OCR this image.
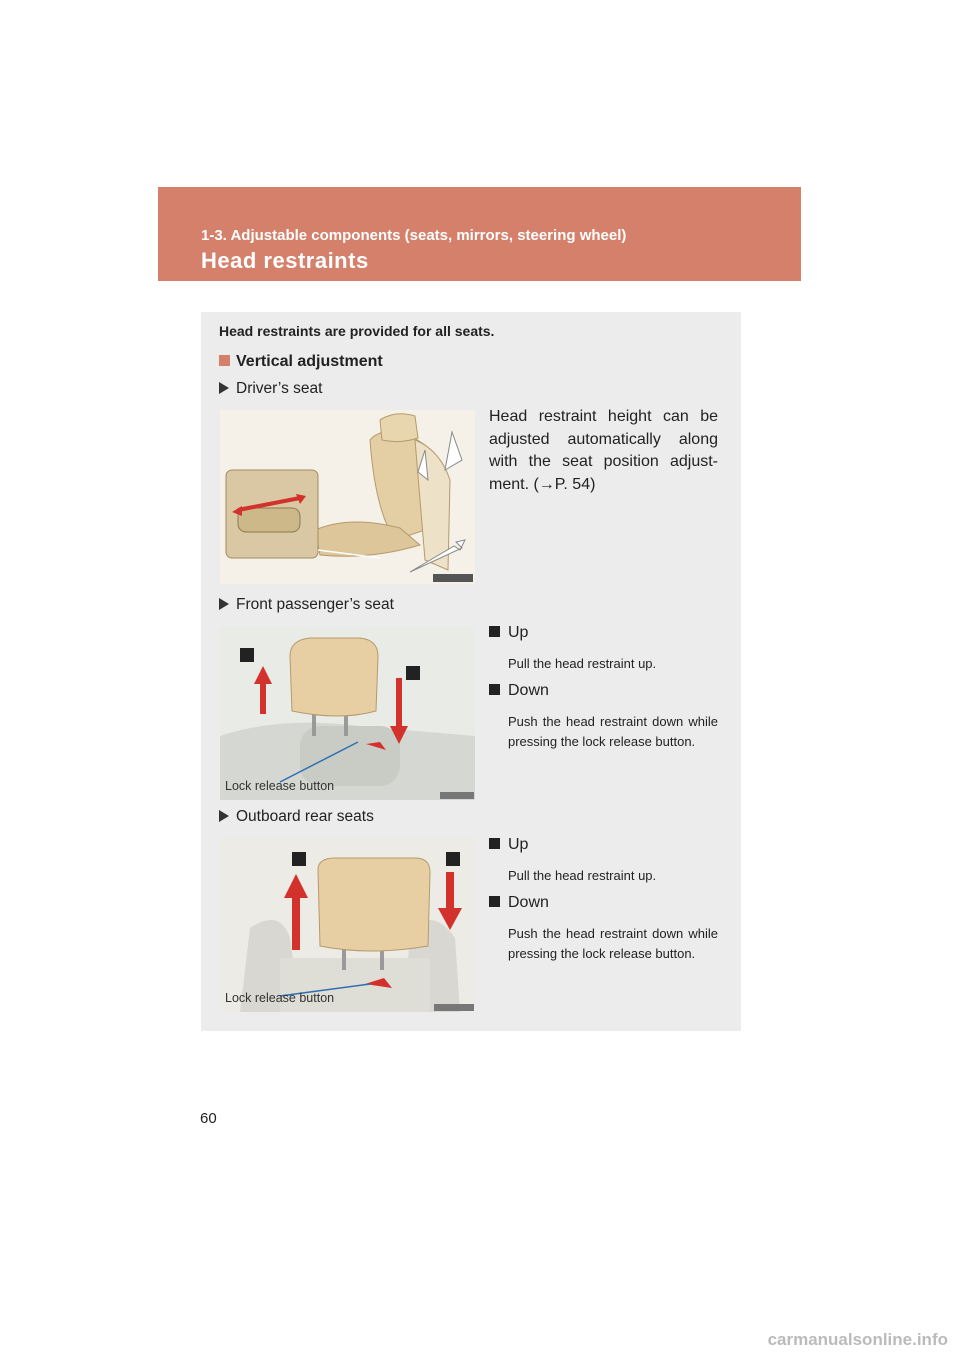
1-3. Adjustable components (seats, mirrors, steering wheel)
Head restraints
Head restraints are provided for all seats.
Vertical adjustment
Driver’s seat
Head restraint height can be adjusted automatically along with the seat position adjust-ment. (→P. 54)
Front passenger’s seat
Lock release button
Up
Pull the head restraint up.
Down
Push the head restraint down while pressing the lock release button.
Outboard rear seats
Lock release button
Up
Pull the head restraint up.
Down
Push the head restraint down while pressing the lock release button.
60
carmanualsonline.info
